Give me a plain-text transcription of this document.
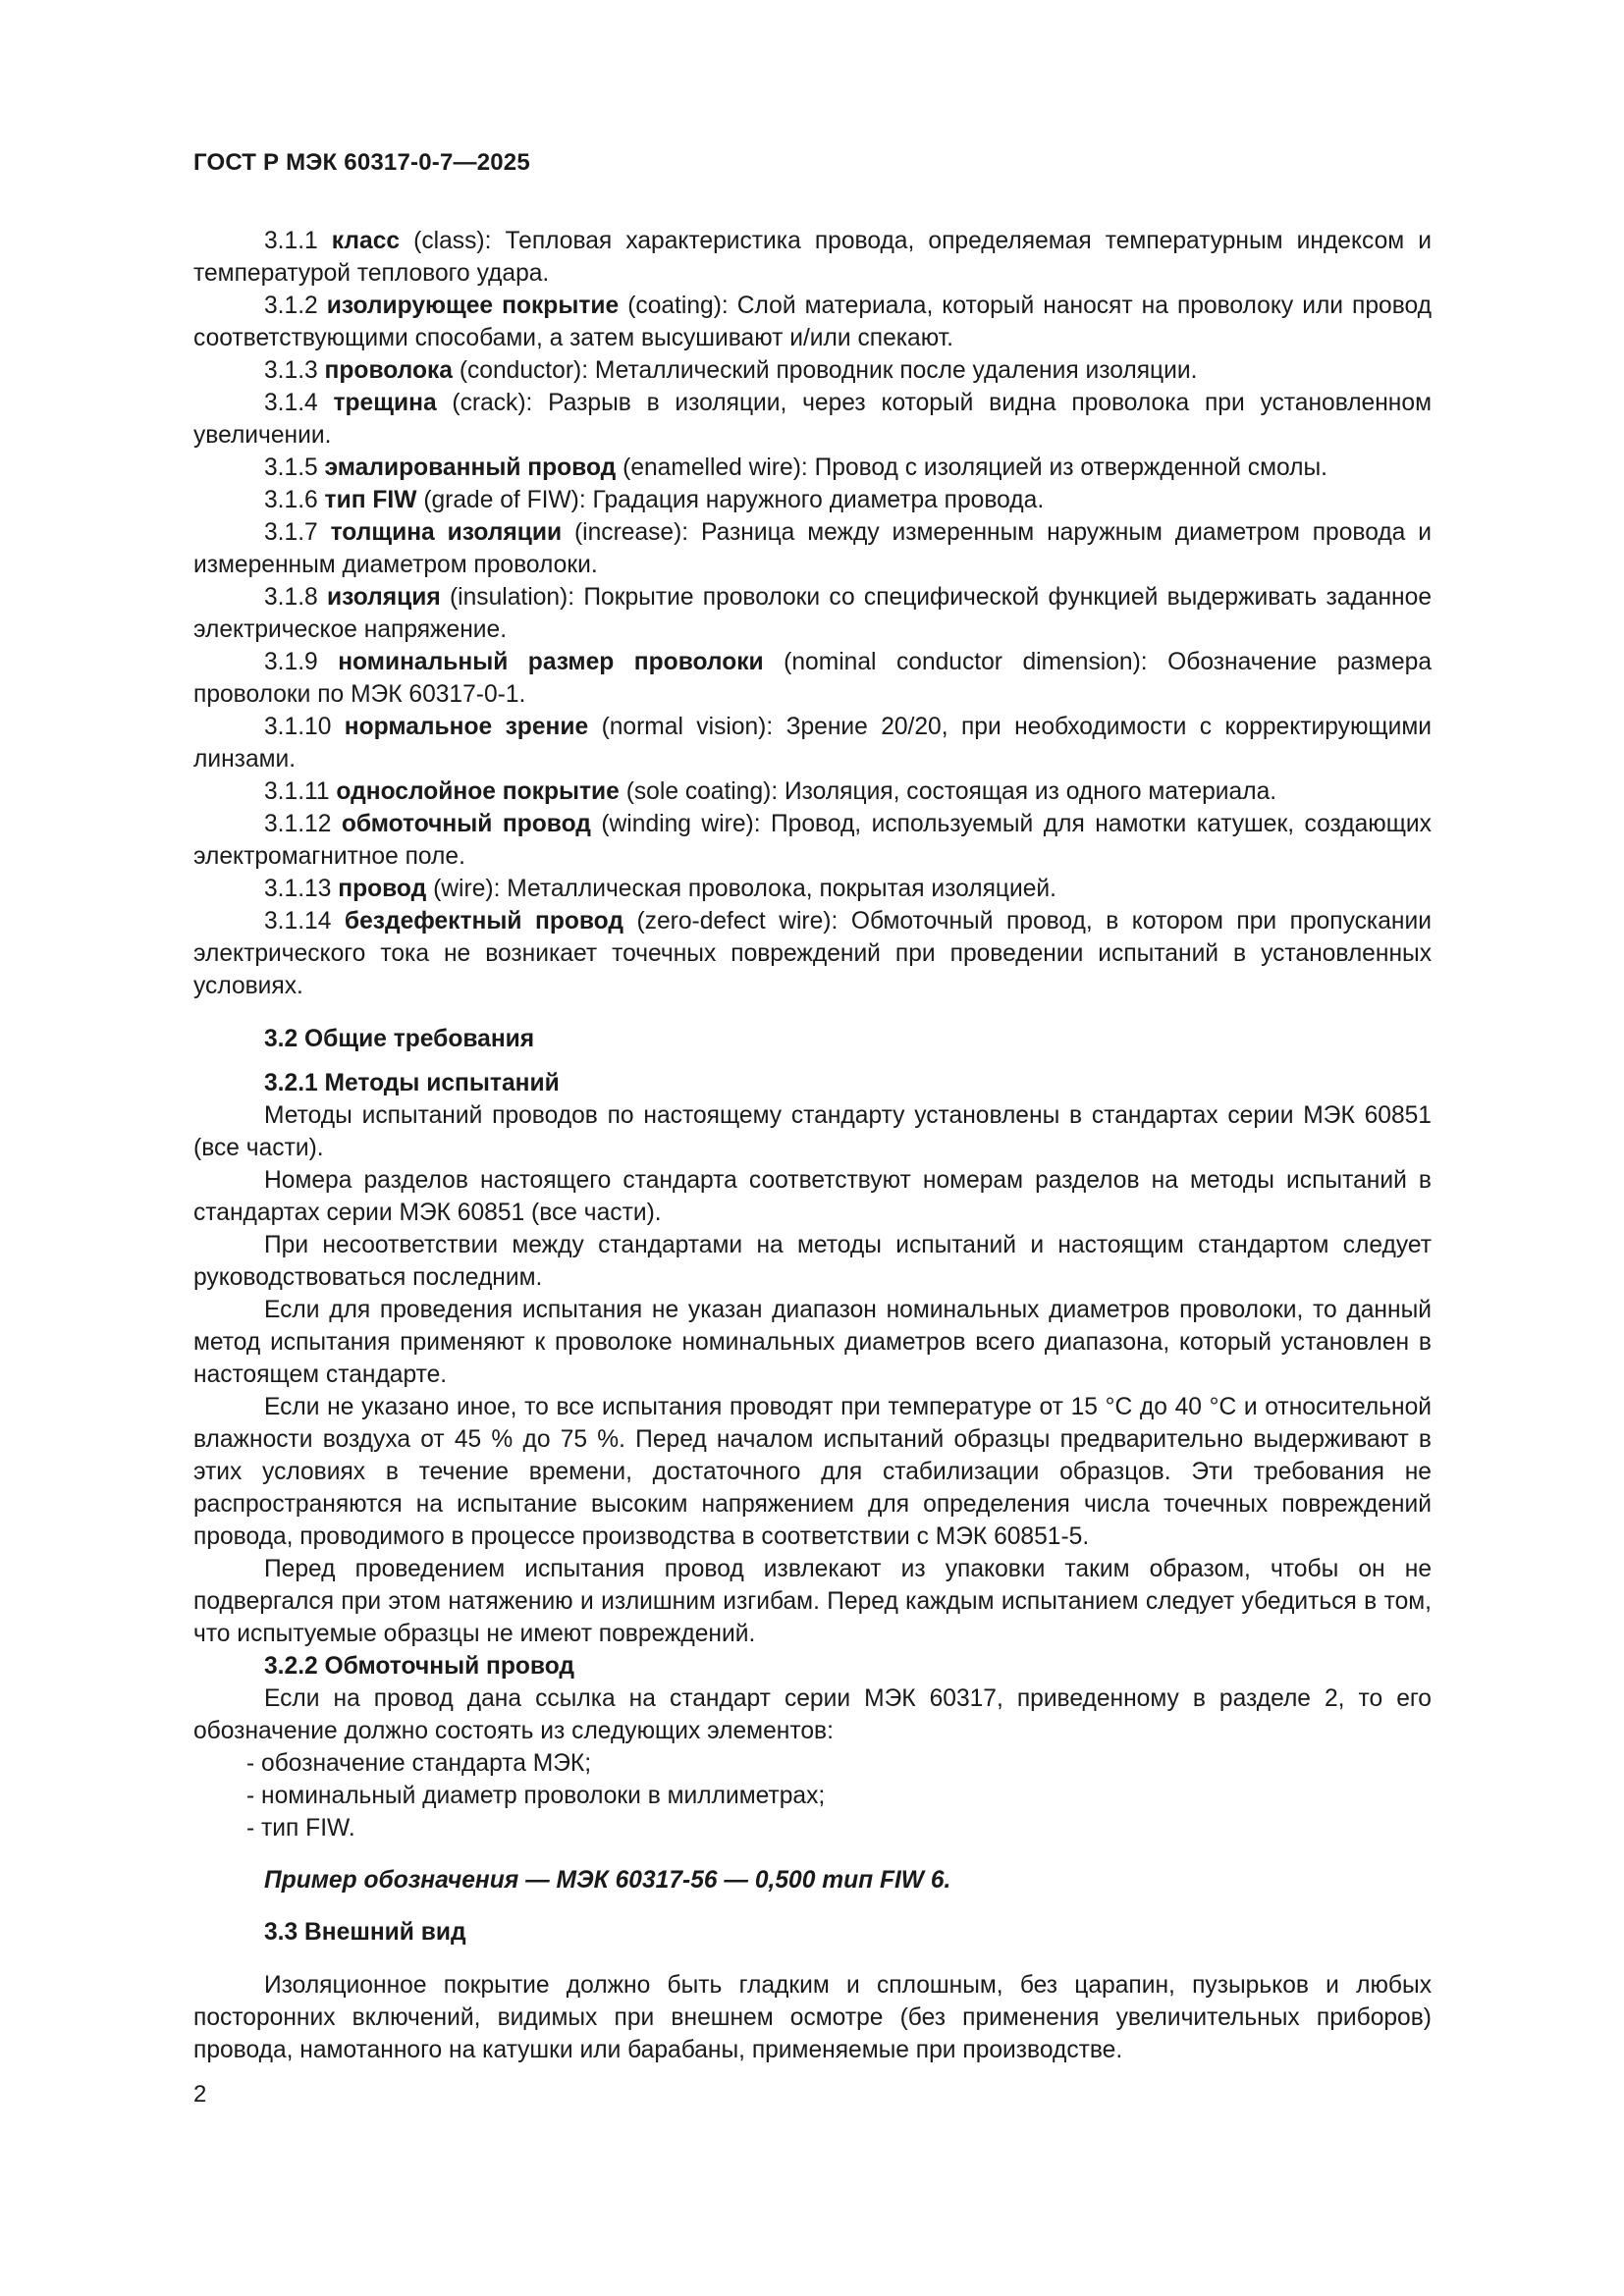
ГОСТ Р МЭК 60317-0-7—2025

3.1.1 класс (class): Тепловая характеристика провода, определяемая температурным индексом и температурой теплового удара.

3.1.2 изолирующее покрытие (coating): Слой материала, который наносят на проволоку или провод соответствующими способами, а затем высушивают и/или спекают.

3.1.3 проволока (conductor): Металлический проводник после удаления изоляции.

3.1.4 трещина (crack): Разрыв в изоляции, через который видна проволока при установленном увеличении.

3.1.5 эмалированный провод (enamelled wire): Провод с изоляцией из отвержденной смолы.

3.1.6 тип FIW (grade of FIW): Градация наружного диаметра провода.

3.1.7 толщина изоляции (increase): Разница между измеренным наружным диаметром провода и измеренным диаметром проволоки.

3.1.8 изоляция (insulation): Покрытие проволоки со специфической функцией выдерживать заданное электрическое напряжение.

3.1.9 номинальный размер проволоки (nominal conductor dimension): Обозначение размера проволоки по МЭК 60317-0-1.

3.1.10 нормальное зрение (normal vision): Зрение 20/20, при необходимости с корректирующими линзами.

3.1.11 однослойное покрытие (sole coating): Изоляция, состоящая из одного материала.

3.1.12 обмоточный провод (winding wire): Провод, используемый для намотки катушек, создающих электромагнитное поле.

3.1.13 провод (wire): Металлическая проволока, покрытая изоляцией.

3.1.14 бездефектный провод (zero-defect wire): Обмоточный провод, в котором при пропускании электрического тока не возникает точечных повреждений при проведении испытаний в установленных условиях.

3.2 Общие требования
3.2.1 Методы испытаний

Методы испытаний проводов по настоящему стандарту установлены в стандартах серии МЭК 60851 (все части).

Номера разделов настоящего стандарта соответствуют номерам разделов на методы испытаний в стандартах серии МЭК 60851 (все части).

При несоответствии между стандартами на методы испытаний и настоящим стандартом следует руководствоваться последним.

Если для проведения испытания не указан диапазон номинальных диаметров проволоки, то данный метод испытания применяют к проволоке номинальных диаметров всего диапазона, который установлен в настоящем стандарте.

Если не указано иное, то все испытания проводят при температуре от 15 °С до 40 °С и относительной влажности воздуха от 45 % до 75 %. Перед началом испытаний образцы предварительно выдерживают в этих условиях в течение времени, достаточного для стабилизации образцов. Эти требования не распространяются на испытание высоким напряжением для определения числа точечных повреждений провода, проводимого в процессе производства в соответствии с МЭК 60851-5.

Перед проведением испытания провод извлекают из упаковки таким образом, чтобы он не подвергался при этом натяжению и излишним изгибам. Перед каждым испытанием следует убедиться в том, что испытуемые образцы не имеют повреждений.

3.2.2 Обмоточный провод

Если на провод дана ссылка на стандарт серии МЭК 60317, приведенному в разделе 2, то его обозначение должно состоять из следующих элементов:

- обозначение стандарта МЭК;
- номинальный диаметр проволоки в миллиметрах;
- тип FIW.
Пример обозначения — МЭК 60317-56 — 0,500 тип FIW 6.
3.3 Внешний вид

Изоляционное покрытие должно быть гладким и сплошным, без царапин, пузырьков и любых посторонних включений, видимых при внешнем осмотре (без применения увеличительных приборов) провода, намотанного на катушки или барабаны, применяемые при производстве.

2
